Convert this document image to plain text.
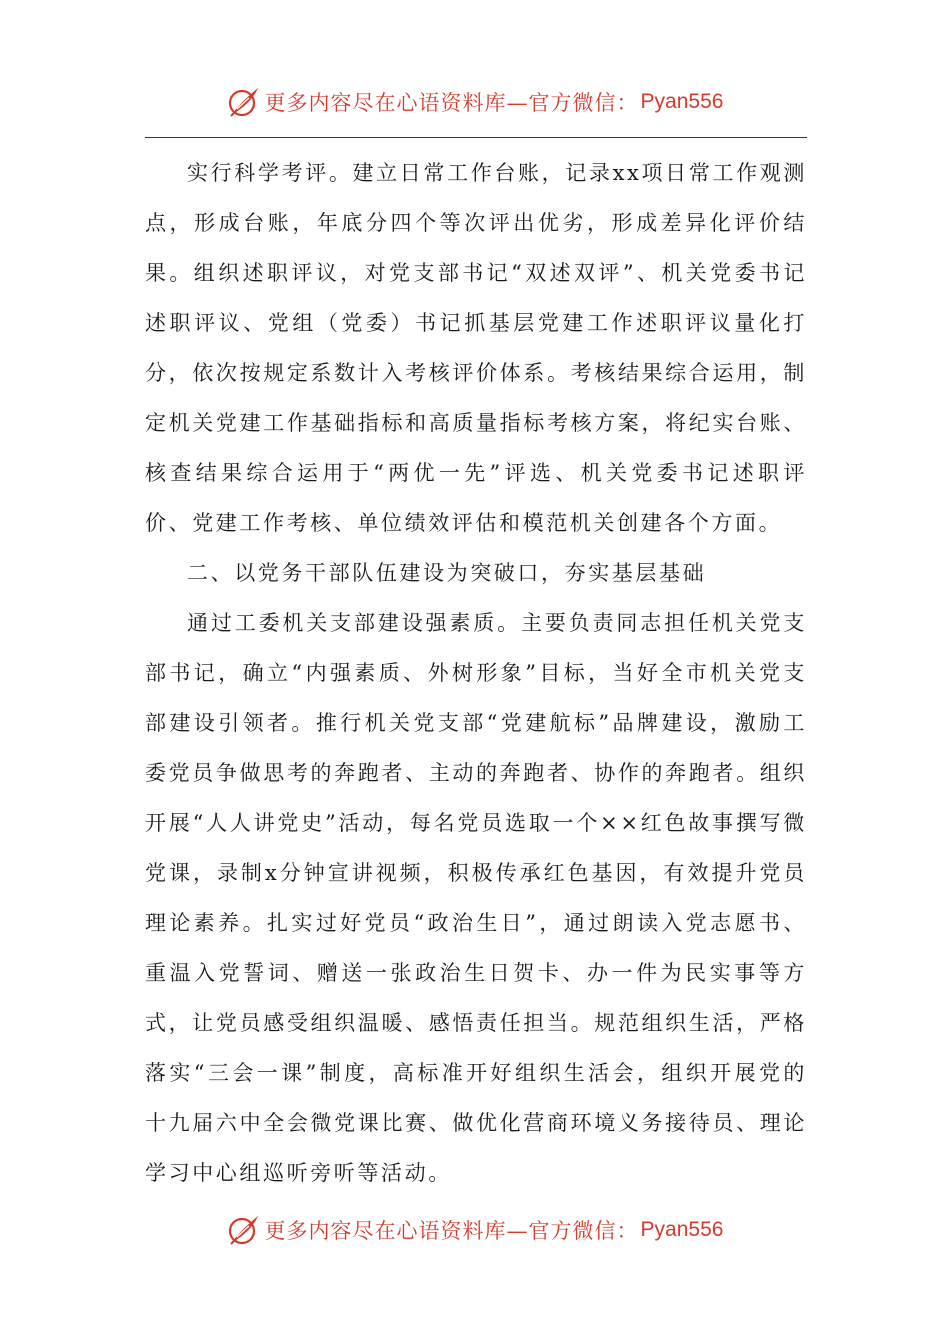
更多内容尽在心语资料库—官方微信： Pyan556

实行科学考评。建立日常工作台账，记录xx项日常工作观测点，形成台账，年底分四个等次评出优劣，形成差异化评价结果。组织述职评议，对党支部书记“双述双评”、机关党委书记述职评议、党组（党委）书记抓基层党建工作述职评议量化打分，依次按规定系数计入考核评价体系。考核结果综合运用，制定机关党建工作基础指标和高质量指标考核方案，将纪实台账、核查结果综合运用于“两优一先”评选、机关党委书记述职评价、党建工作考核、单位绩效评估和模范机关创建各个方面。

二、以党务干部队伍建设为突破口，夯实基层基础

通过工委机关支部建设强素质。主要负责同志担任机关党支部书记，确立“内强素质、外树形象”目标，当好全市机关党支部建设引领者。推行机关党支部“党建航标”品牌建设，激励工委党员争做思考的奔跑者、主动的奔跑者、协作的奔跑者。组织开展“人人讲党史”活动，每名党员选取一个××红色故事撰写微党课，录制x分钟宣讲视频，积极传承红色基因，有效提升党员理论素养。扎实过好党员“政治生日”，通过朗读入党志愿书、重温入党誓词、赠送一张政治生日贺卡、办一件为民实事等方式，让党员感受组织温暖、感悟责任担当。规范组织生活，严格落实“三会一课”制度，高标准开好组织生活会，组织开展党的十九届六中全会微党课比赛、做优化营商环境义务接待员、理论学习中心组巡听旁听等活动。

更多内容尽在心语资料库—官方微信： Pyan556
